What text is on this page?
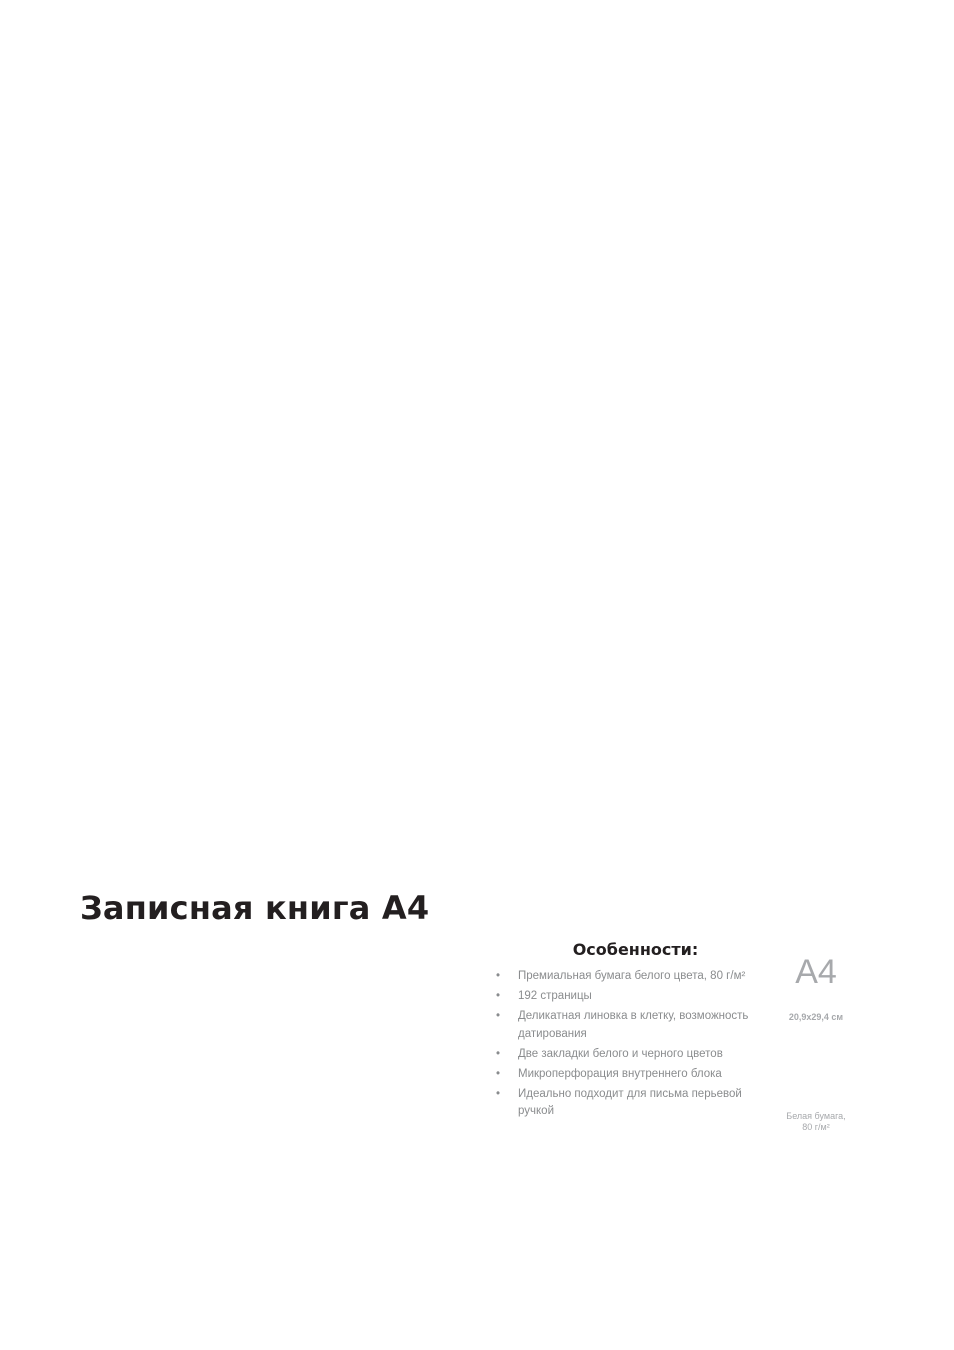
Записная книга A4
Особенности:
• Премиальная бумага белого цвета, 80 г/м²
• 192 страницы
• Деликатная линовка в клетку, возможность датирования
• Две закладки белого и черного цветов
• Микроперфорация внутреннего блока
• Идеально подходит для письма перьевой ручкой
A4
20,9х29,4 см
Белая бумага,
80 г/м²
